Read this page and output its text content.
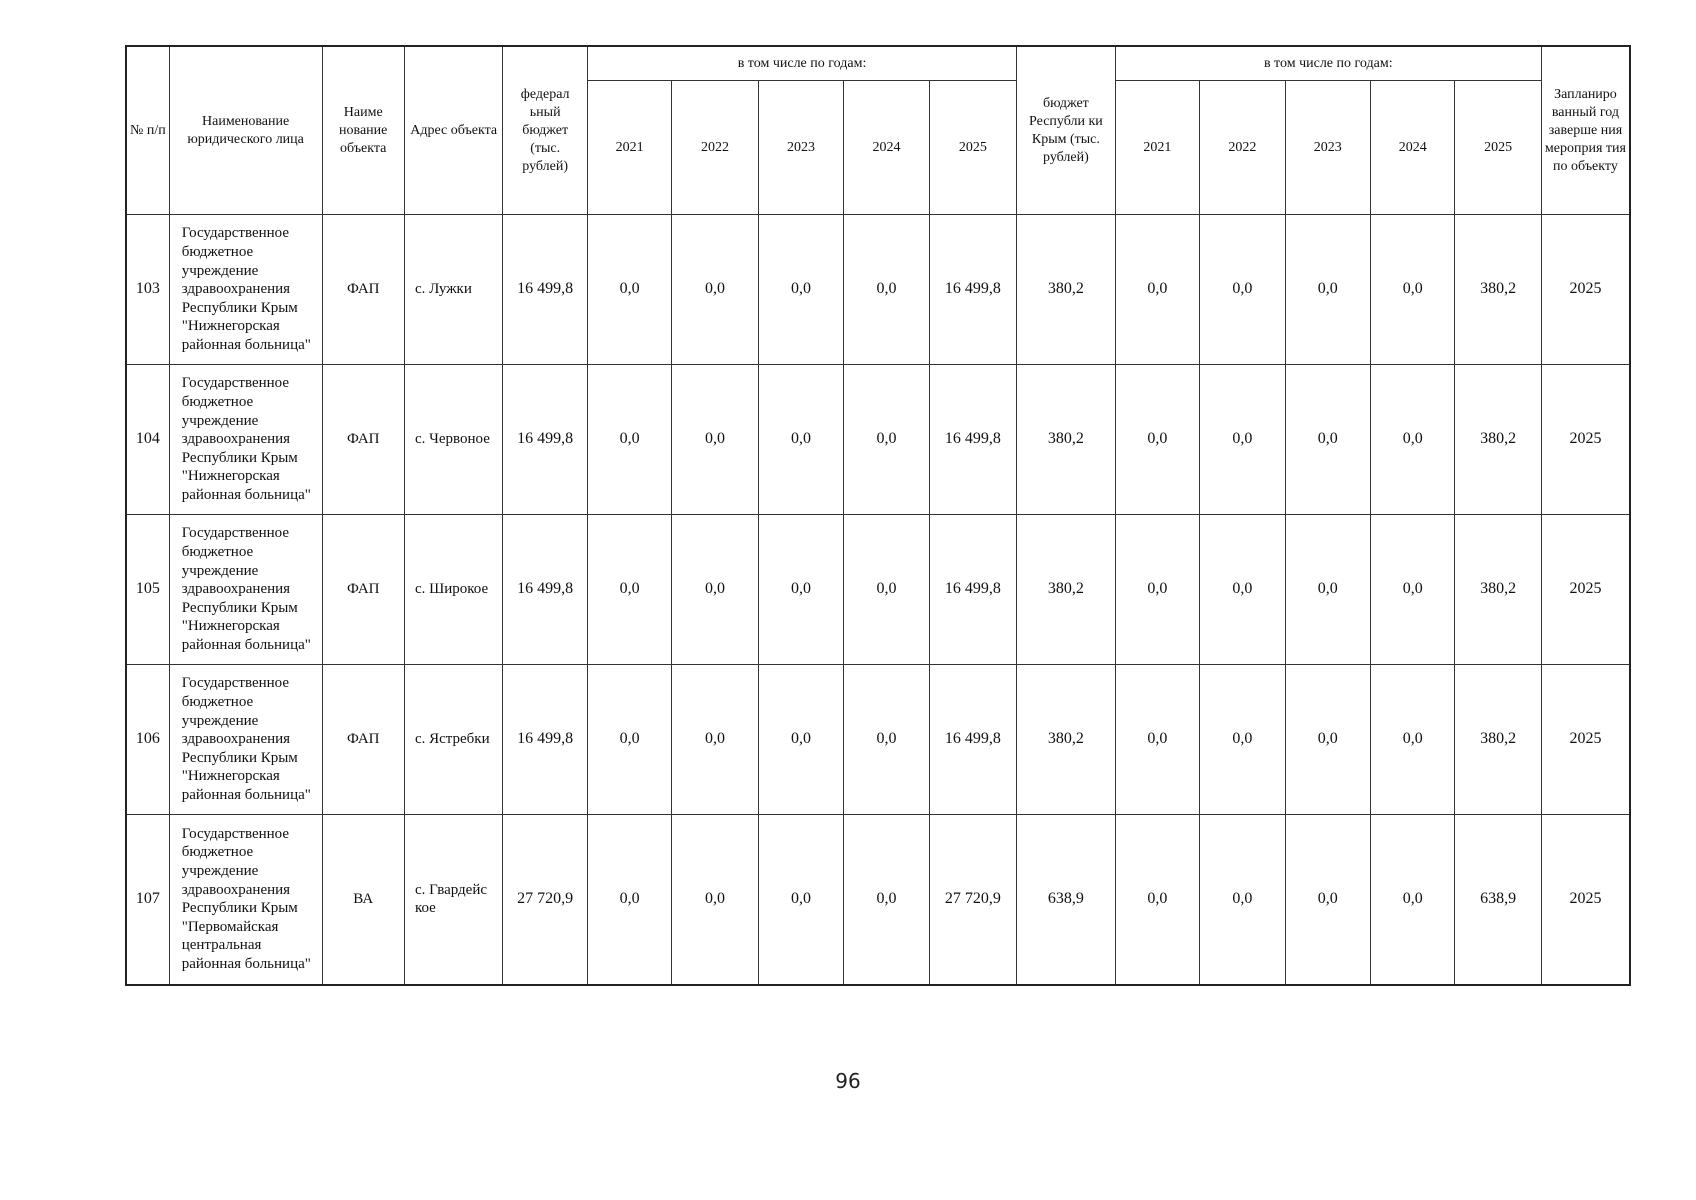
№ п/п	Наименование юридического лица	Наиме нование объекта	Адрес объекта	федерал ьный бюджет (тыс. рублей)	в том числе по годам:					бюджет Республи ки Крым (тыс. рублей)	в том числе по годам:					Запланиро ванный год заверше ния мероприя тия по объекту
					2021	2022	2023	2024	2025		2021	2022	2023	2024	2025	
103	Государственное бюджетное учреждение здравоохранения Республики Крым "Нижнегорская районная больница"	ФАП	с. Лужки	16 499,8	0,0	0,0	0,0	0,0	16 499,8	380,2	0,0	0,0	0,0	0,0	380,2	2025
104	Государственное бюджетное учреждение здравоохранения Республики Крым "Нижнегорская районная больница"	ФАП	с. Червоное	16 499,8	0,0	0,0	0,0	0,0	16 499,8	380,2	0,0	0,0	0,0	0,0	380,2	2025
105	Государственное бюджетное учреждение здравоохранения Республики Крым "Нижнегорская районная больница"	ФАП	с. Широкое	16 499,8	0,0	0,0	0,0	0,0	16 499,8	380,2	0,0	0,0	0,0	0,0	380,2	2025
106	Государственное бюджетное учреждение здравоохранения Республики Крым "Нижнегорская районная больница"	ФАП	с. Ястребки	16 499,8	0,0	0,0	0,0	0,0	16 499,8	380,2	0,0	0,0	0,0	0,0	380,2	2025
107	Государственное бюджетное учреждение здравоохранения Республики Крым "Первомайская центральная районная больница"	ВА	с. Гвардейс кое	27 720,9	0,0	0,0	0,0	0,0	27 720,9	638,9	0,0	0,0	0,0	0,0	638,9	2025
96
